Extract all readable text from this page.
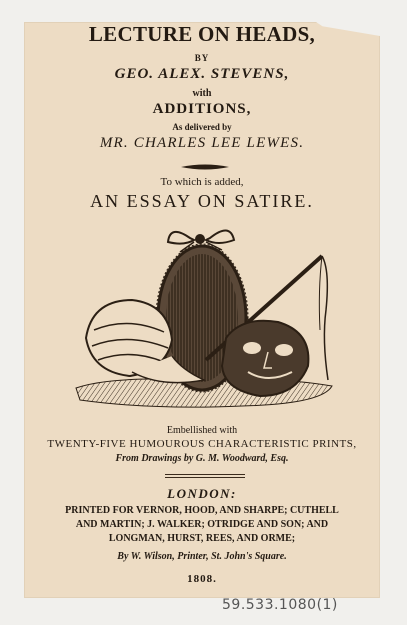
LECTURE ON HEADS,
BY
GEO. ALEX. STEVENS,
with
ADDITIONS,
As delivered by
MR. CHARLES LEE LEWES.
To which is added,
AN ESSAY ON SATIRE.
Embellished with
TWENTY-FIVE HUMOUROUS CHARACTERISTIC PRINTS,
From Drawings by G. M. Woodward, Esq.
LONDON:
PRINTED FOR VERNOR, HOOD, AND SHARPE; CUTHELL
AND MARTIN; J. WALKER; OTRIDGE AND SON; AND
LONGMAN, HURST, REES, AND ORME;
By W. Wilson, Printer, St. John's Square.
1808.
59.533.1080(1)
